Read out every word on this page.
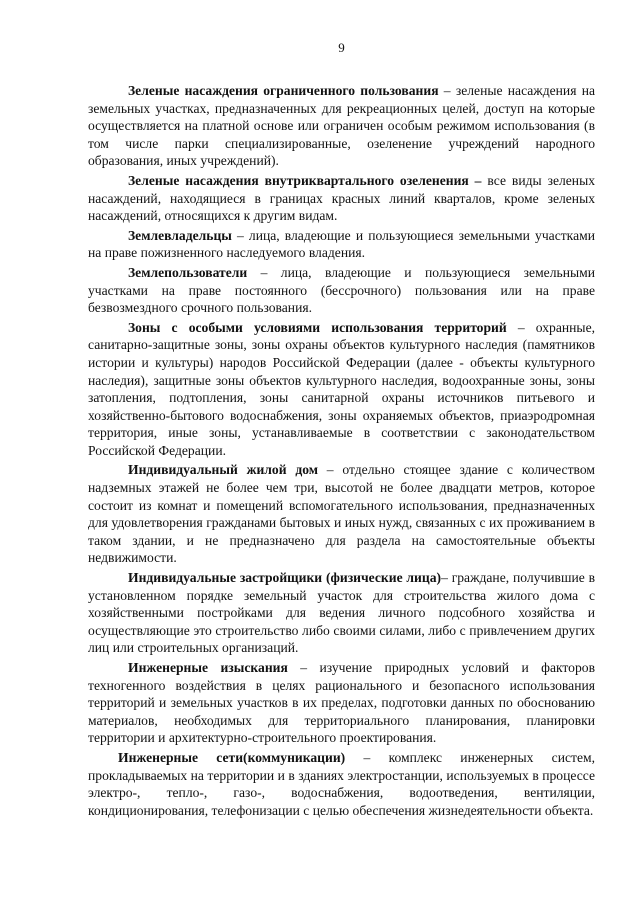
9

Зеленые насаждения ограниченного пользования – зеленые насаждения на земельных участках, предназначенных для рекреационных целей, доступ на которые осуществляется на платной основе или ограничен особым режимом использования (в том числе парки специализированные, озеленение учреждений народного образования, иных учреждений).

Зеленые насаждения внутриквартального озеленения – все виды зеленых насаждений, находящиеся в границах красных линий кварталов, кроме зеленых насаждений, относящихся к другим видам.

Землевладельцы – лица, владеющие и пользующиеся земельными участками на праве пожизненного наследуемого владения.

Землепользователи – лица, владеющие и пользующиеся земельными участками на праве постоянного (бессрочного) пользования или на праве безвозмездного срочного пользования.

Зоны с особыми условиями использования территорий – охранные, санитарно-защитные зоны, зоны охраны объектов культурного наследия (памятников истории и культуры) народов Российской Федерации (далее - объекты культурного наследия), защитные зоны объектов культурного наследия, водоохранные зоны, зоны затопления, подтопления, зоны санитарной охраны источников питьевого и хозяйственно-бытового водоснабжения, зоны охраняемых объектов, приаэродромная территория, иные зоны, устанавливаемые в соответствии с законодательством Российской Федерации.

Индивидуальный жилой дом – отдельно стоящее здание с количеством надземных этажей не более чем три, высотой не более двадцати метров, которое состоит из комнат и помещений вспомогательного использования, предназначенных для удовлетворения гражданами бытовых и иных нужд, связанных с их проживанием в таком здании, и не предназначено для раздела на самостоятельные объекты недвижимости.

Индивидуальные застройщики (физические лица)– граждане, получившие в установленном порядке земельный участок для строительства жилого дома с хозяйственными постройками для ведения личного подсобного хозяйства и осуществляющие это строительство либо своими силами, либо с привлечением других лиц или строительных организаций.

Инженерные изыскания – изучение природных условий и факторов техногенного воздействия в целях рационального и безопасного использования территорий и земельных участков в их пределах, подготовки данных по обоснованию материалов, необходимых для территориального планирования, планировки территории и архитектурно-строительного проектирования.

Инженерные сети(коммуникации) – комплекс инженерных систем, прокладываемых на территории и в зданиях электростанции, используемых в процессе электро-, тепло-, газо-, водоснабжения, водоотведения, вентиляции, кондиционирования, телефонизации с целью обеспечения жизнедеятельности объекта.
